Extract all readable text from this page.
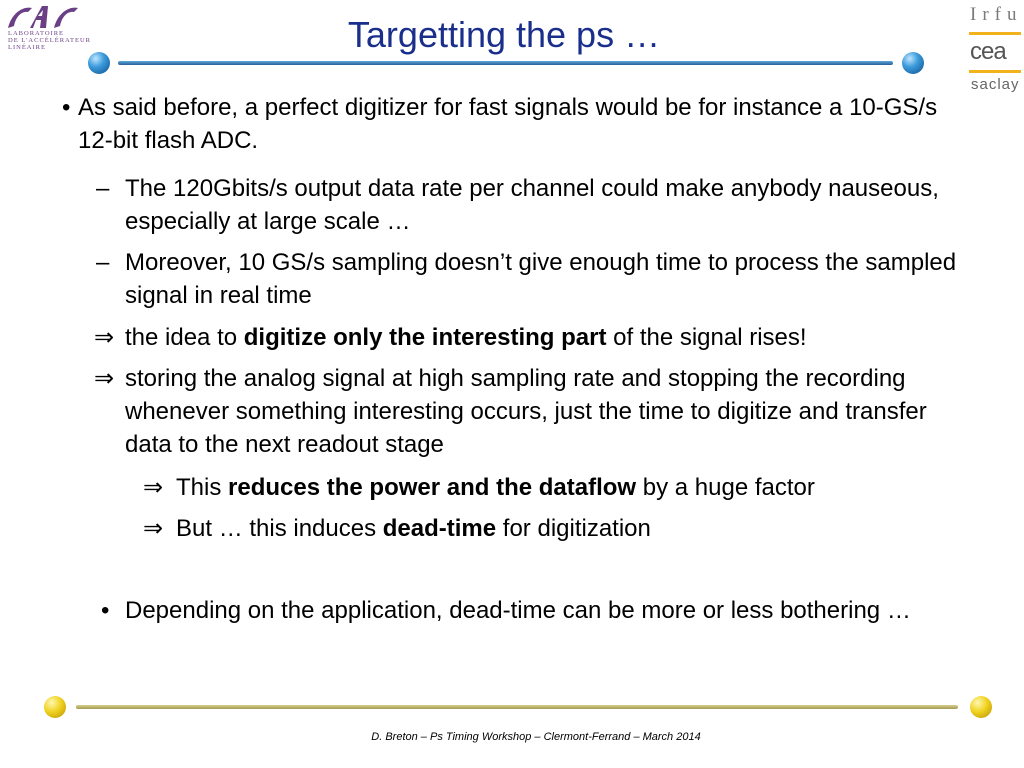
LABORATOIRE
DE L'ACCÉLÉRATEUR
LINÉAIRE
Irfu
cea
saclay
Targetting the ps …
• As said before, a perfect digitizer for fast signals would be for instance a 10-GS/s 12-bit flash ADC.
– The 120Gbits/s output data rate per channel could make anybody nauseous, especially at large scale …
– Moreover, 10 GS/s sampling doesn’t give enough time to process the sampled signal in real time
⇒ the idea to digitize only the interesting part of the signal rises!
⇒ storing the analog signal at high sampling rate and stopping the recording whenever something interesting occurs, just the time to digitize and transfer data to the next readout stage
⇒ This reduces the power and the dataflow by a huge factor
⇒ But … this induces dead-time for digitization
• Depending on the application, dead-time can be more or less bothering …
D. Breton – Ps Timing Workshop – Clermont-Ferrand – March 2014
